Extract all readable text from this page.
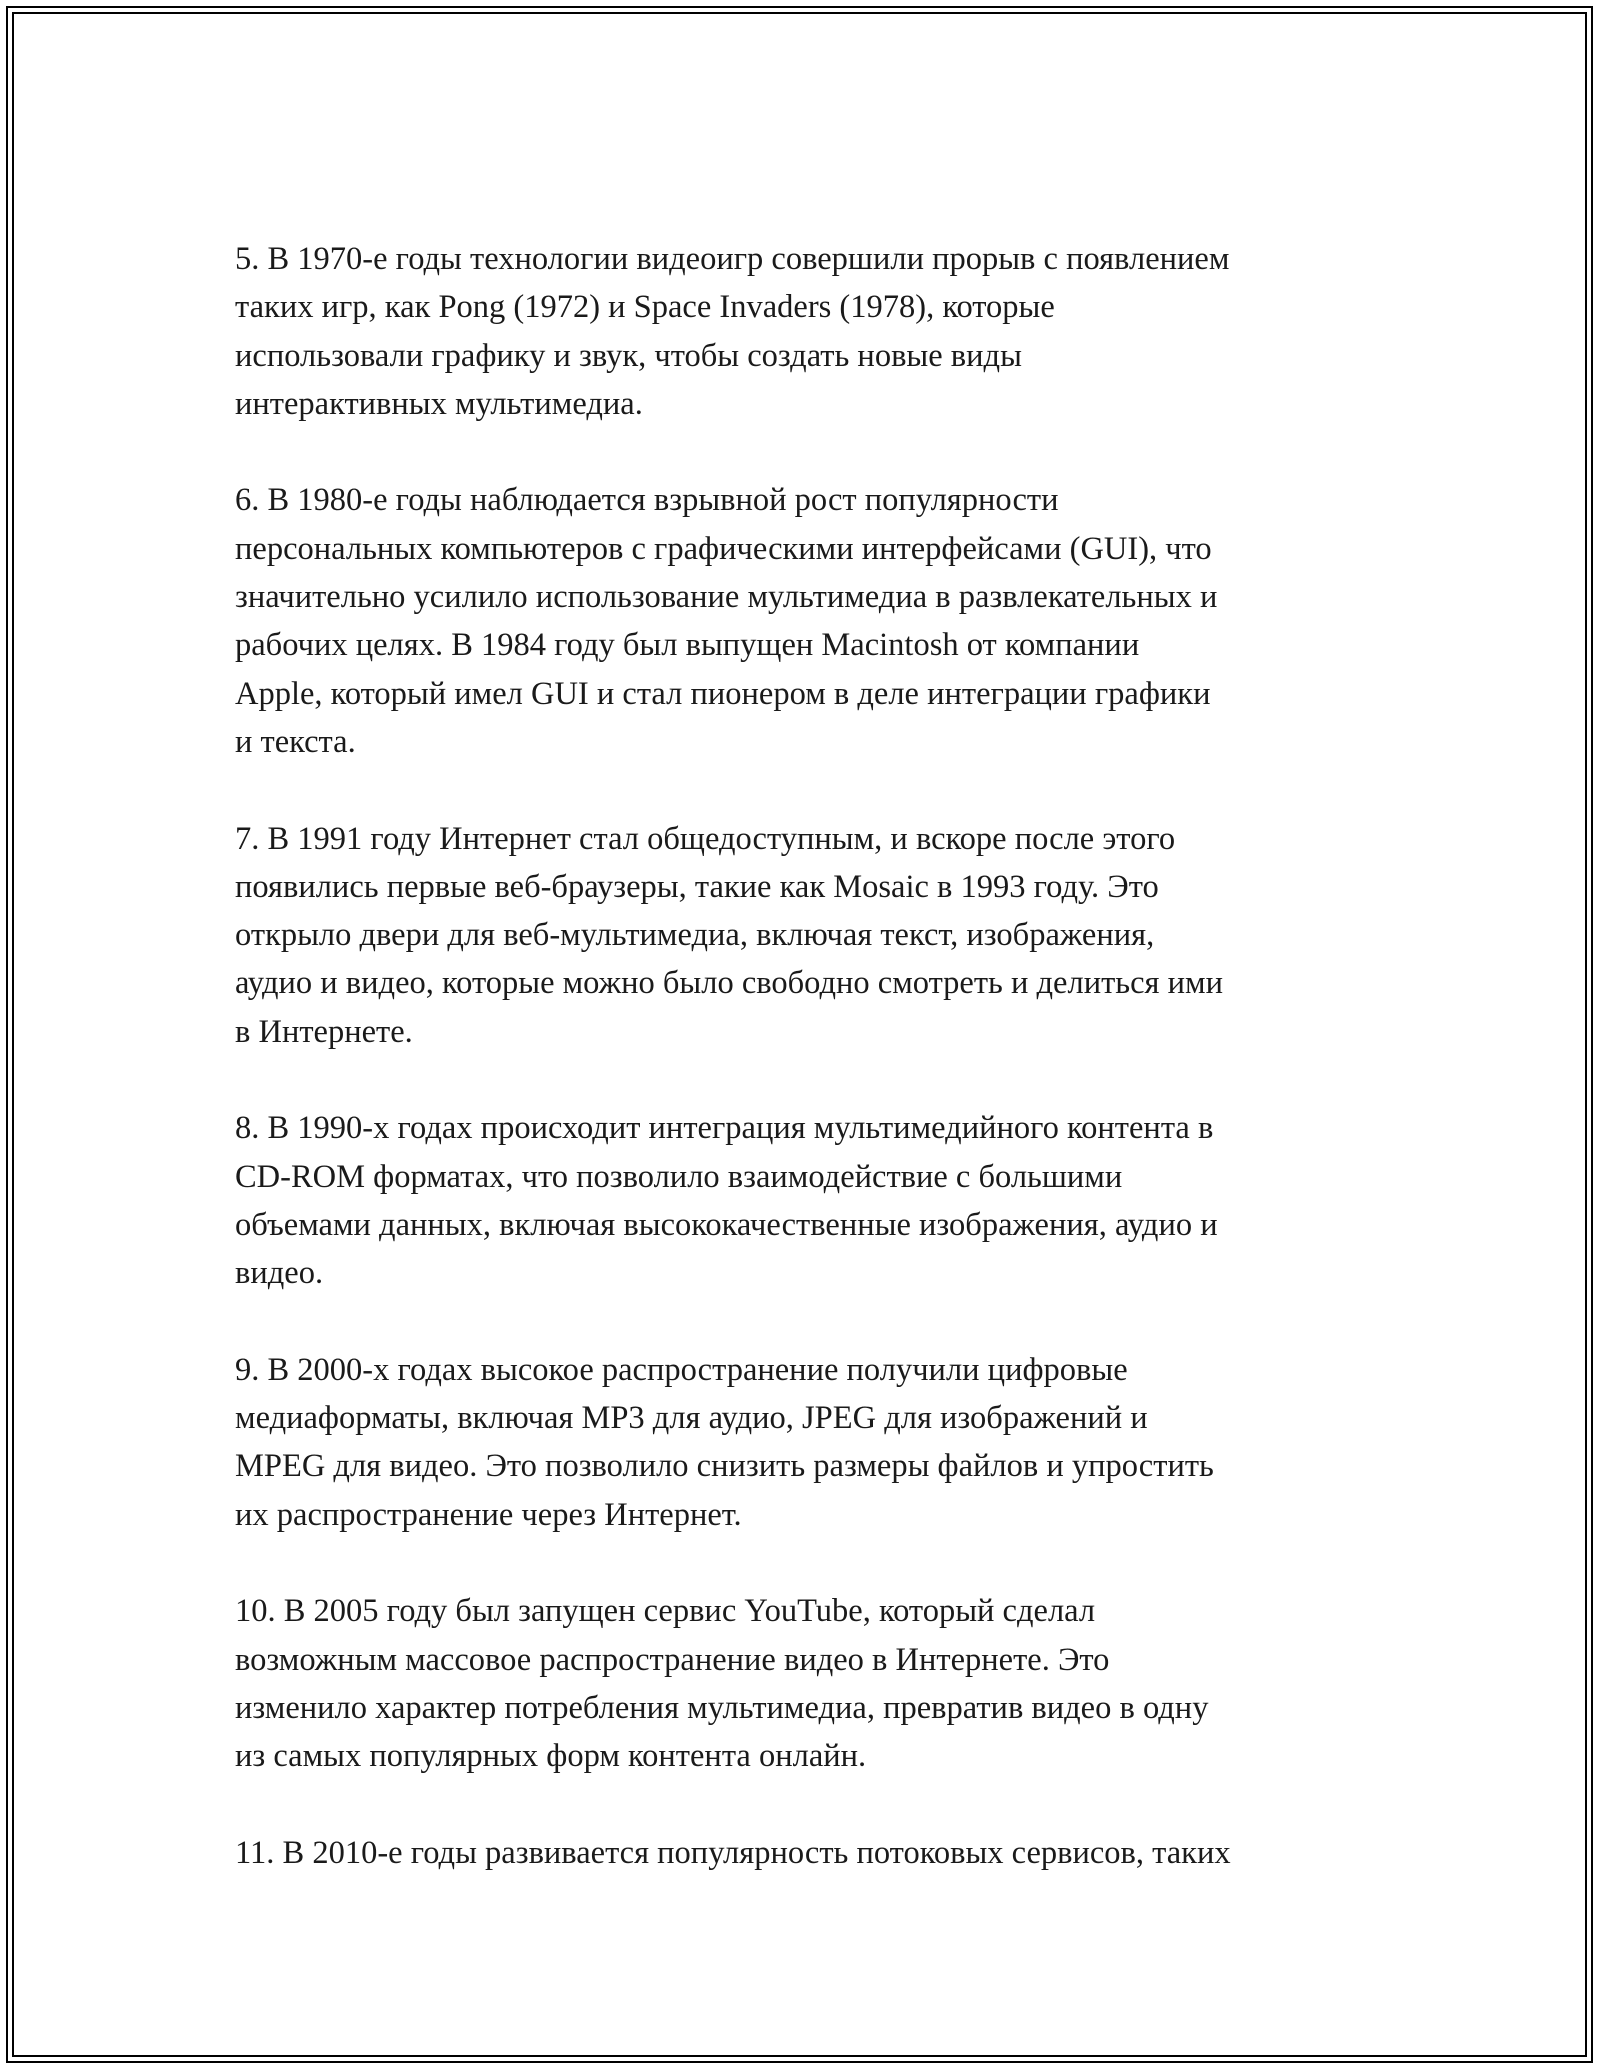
5. В 1970-е годы технологии видеоигр совершили прорыв с появлением
таких игр, как Pong (1972) и Space Invaders (1978), которые
использовали графику и звук, чтобы создать новые виды
интерактивных мультимедиа.

6. В 1980-е годы наблюдается взрывной рост популярности
персональных компьютеров с графическими интерфейсами (GUI), что
значительно усилило использование мультимедиа в развлекательных и
рабочих целях. В 1984 году был выпущен Macintosh от компании
Apple, который имел GUI и стал пионером в деле интеграции графики
и текста.

7. В 1991 году Интернет стал общедоступным, и вскоре после этого
появились первые веб-браузеры, такие как Mosaic в 1993 году. Это
открыло двери для веб-мультимедиа, включая текст, изображения,
аудио и видео, которые можно было свободно смотреть и делиться ими
в Интернете.

8. В 1990-х годах происходит интеграция мультимедийного контента в
CD-ROM форматах, что позволило взаимодействие с большими
объемами данных, включая высококачественные изображения, аудио и
видео.

9. В 2000-х годах высокое распространение получили цифровые
медиаформаты, включая MP3 для аудио, JPEG для изображений и
MPEG для видео. Это позволило снизить размеры файлов и упростить
их распространение через Интернет.

10. В 2005 году был запущен сервис YouTube, который сделал
возможным массовое распространение видео в Интернете. Это
изменило характер потребления мультимедиа, превратив видео в одну
из самых популярных форм контента онлайн.

11. В 2010-е годы развивается популярность потоковых сервисов, таких
